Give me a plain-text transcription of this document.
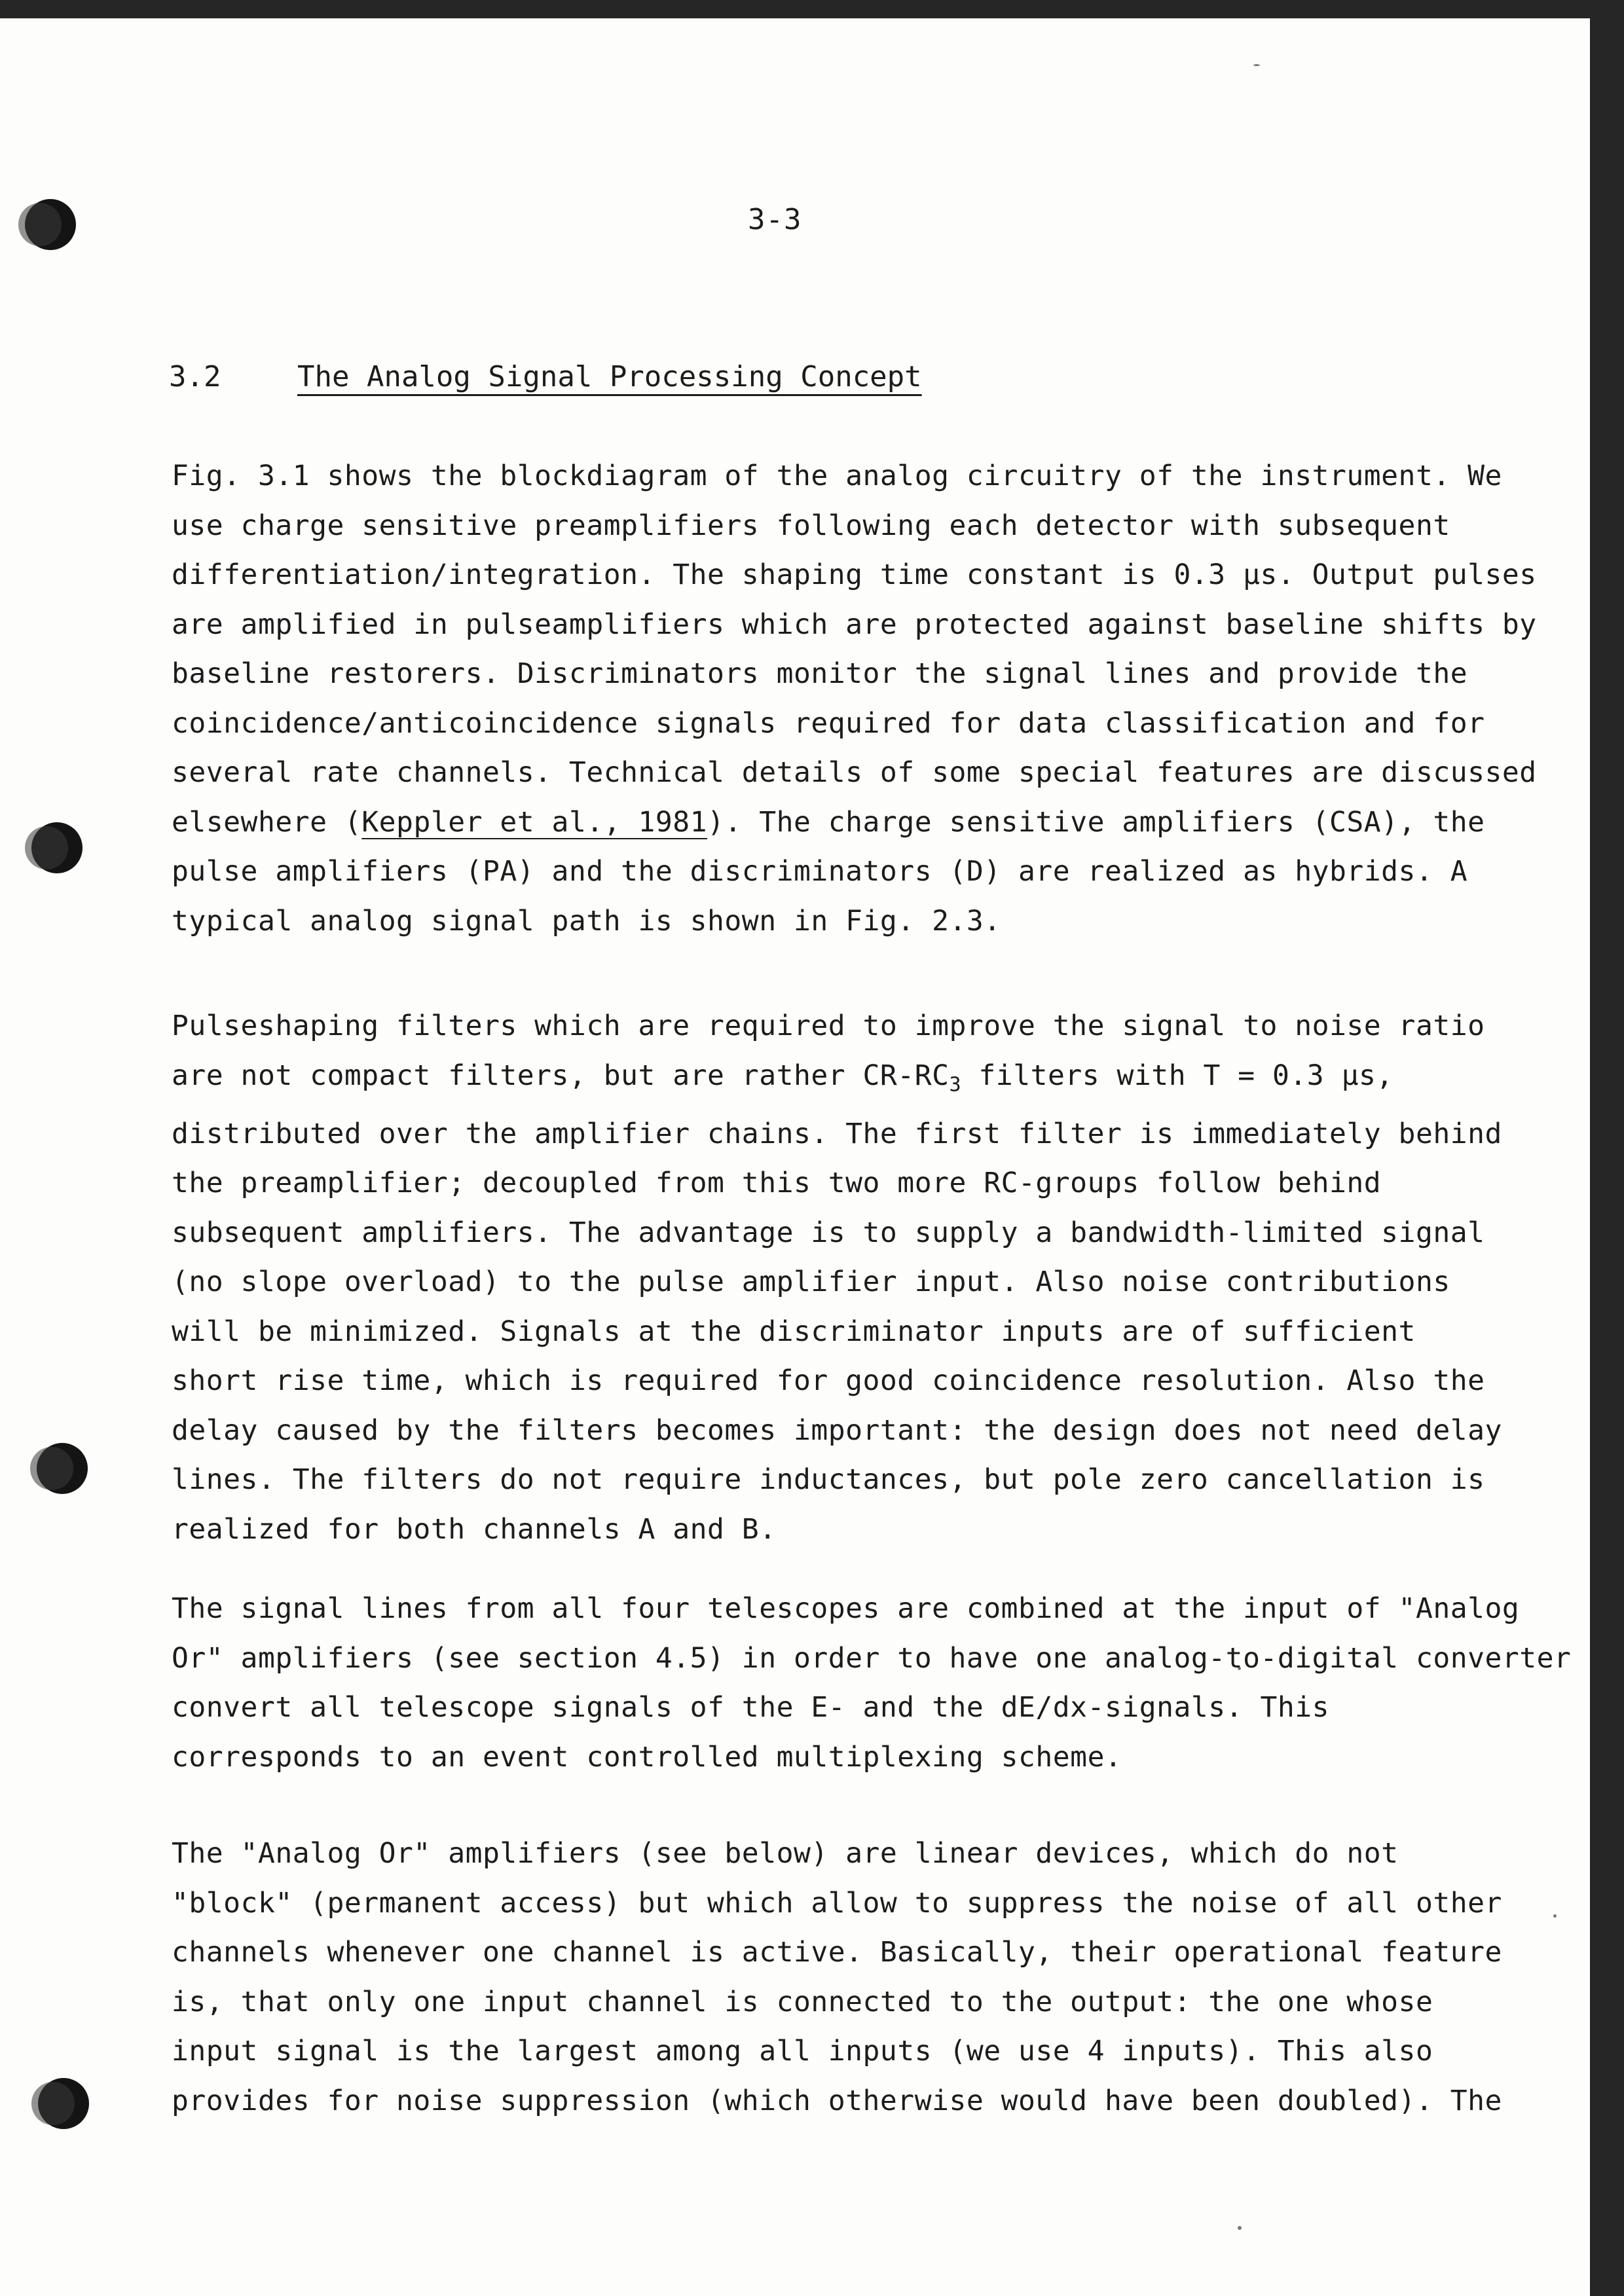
3-3
3.2	The Analog Signal Processing Concept
Fig. 3.1 shows the blockdiagram of the analog circuitry of the instrument. We
use charge sensitive preamplifiers following each detector with subsequent
differentiation/integration. The shaping time constant is 0.3 µs. Output pulses
are amplified in pulseamplifiers which are protected against baseline shifts by
baseline restorers. Discriminators monitor the signal lines and provide the
coincidence/anticoincidence signals required for data classification and for
several rate channels. Technical details of some special features are discussed
elsewhere (Keppler et al., 1981). The charge sensitive amplifiers (CSA), the
pulse amplifiers (PA) and the discriminators (D) are realized as hybrids. A
typical analog signal path is shown in Fig. 2.3.
Pulseshaping filters which are required to improve the signal to noise ratio
are not compact filters, but are rather $CR-RC_3$ filters with T = 0.3 µs,
distributed over the amplifier chains. The first filter is immediately behind
the preamplifier; decoupled from this two more RC-groups follow behind
subsequent amplifiers. The advantage is to supply a bandwidth-limited signal
(no slope overload) to the pulse amplifier input. Also noise contributions
will be minimized. Signals at the discriminator inputs are of sufficient
short rise time, which is required for good coincidence resolution. Also the
delay caused by the filters becomes important: the design does not need delay
lines. The filters do not require inductances, but pole zero cancellation is
realized for both channels A and B.
The signal lines from all four telescopes are combined at the input of "Analog
Or" amplifiers (see section 4.5) in order to have one analog-to-digital converter
convert all telescope signals of the E- and the dE/dx-signals. This
corresponds to an event controlled multiplexing scheme.
The "Analog Or" amplifiers (see below) are linear devices, which do not
"block" (permanent access) but which allow to suppress the noise of all other
channels whenever one channel is active. Basically, their operational feature
is, that only one input channel is connected to the output: the one whose
input signal is the largest among all inputs (we use 4 inputs). This also
provides for noise suppression (which otherwise would have been doubled). The
